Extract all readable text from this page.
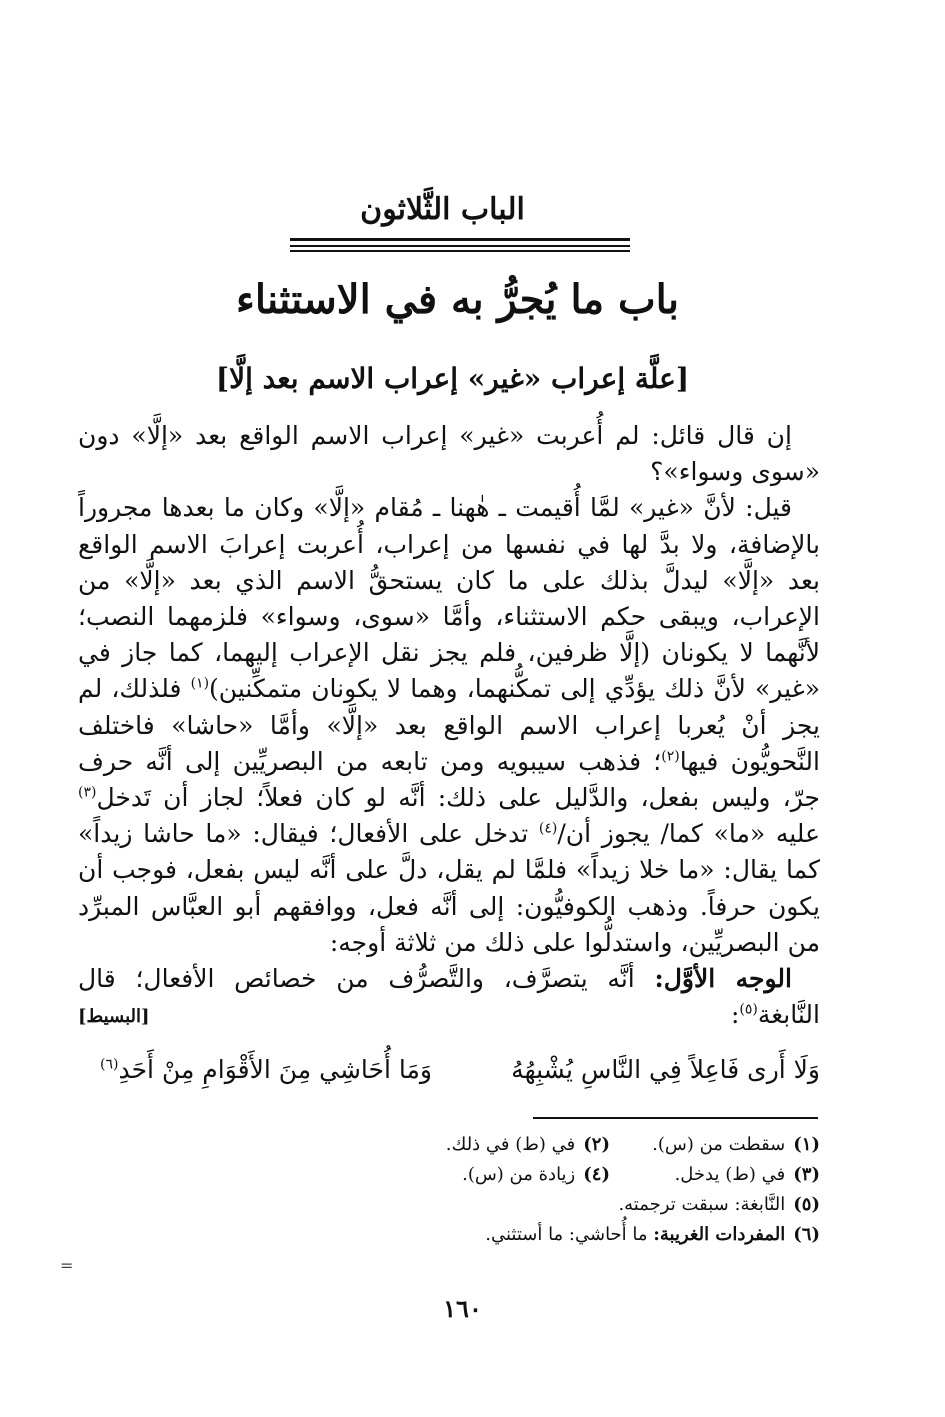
الباب الثَّلاثون
باب ما يُجرُّ به في الاستثناء
[علَّة إعراب «غير» إعراب الاسم بعد إلَّا]

إن قال قائل: لم أُعربت «غير» إعراب الاسم الواقع بعد «إلَّا» دون «سوى وسواء»؟

قيل: لأنَّ «غير» لمَّا أُقيمت ـ هٰهنا ـ مُقام «إلَّا» وكان ما بعدها مجروراً بالإضافة، ولا بدَّ لها في نفسها من إعراب، أُعربت إعرابَ الاسم الواقع بعد «إلَّا» ليدلَّ بذلك على ما كان يستحقُّ الاسم الذي بعد «إلَّا» من الإعراب، ويبقى حكم الاستثناء، وأمَّا «سوى، وسواء» فلزمهما النصب؛ لأنَّهما لا يكونان (إلَّا ظرفين، فلم يجز نقل الإعراب إليهما، كما جاز في «غير» لأنَّ ذلك يؤدِّي إلى تمكُّنهما، وهما لا يكونان متمكِّنين)$^{(١)}$ فلذلك، لم يجز أنْ يُعربا إعراب الاسم الواقع بعد «إلَّا» وأمَّا «حاشا» فاختلف النَّحويُّون فيها$^{(٢)}$؛ فذهب سيبويه ومن تابعه من البصريِّين إلى أنَّه حرف جرّ، وليس بفعل، والدَّليل على ذلك: أنَّه لو كان فعلاً؛ لجاز أن تَدخل$^{(٣)}$ عليه «ما» كما/ يجوز أن/$^{(٤)}$ تدخل على الأفعال؛ فيقال: «ما حاشا زيداً» كما يقال: «ما خلا زيداً» فلمَّا لم يقل، دلَّ على أنَّه ليس بفعل، فوجب أن يكون حرفاً. وذهب الكوفيُّون: إلى أنَّه فعل، ووافقهم أبو العبَّاس المبرِّد من البصريِّين، واستدلُّوا على ذلك من ثلاثة أوجه:

الوجه الأوَّل: أنَّه يتصرَّف، والتَّصرُّف من خصائص الأفعال؛ قال النَّابغة$^{(٥)}$:
[البسيط]

وَلَا أَرى فَاعِلاً فِي النَّاسِ يُشْبِهُهُ
وَمَا أُحَاشِي مِنَ الأَقْوَامِ مِنْ أَحَدِ$^{(٦)}$
(١)سقطت من (س).
(٢)في (ط) في ذلك.
(٣)في (ط) يدخل.
(٤)زيادة من (س).
(٥)النَّابغة: سبقت ترجمته.
(٦)المفردات الغريبة: ما أُحاشي: ما أستثني.
=
١٦٠
